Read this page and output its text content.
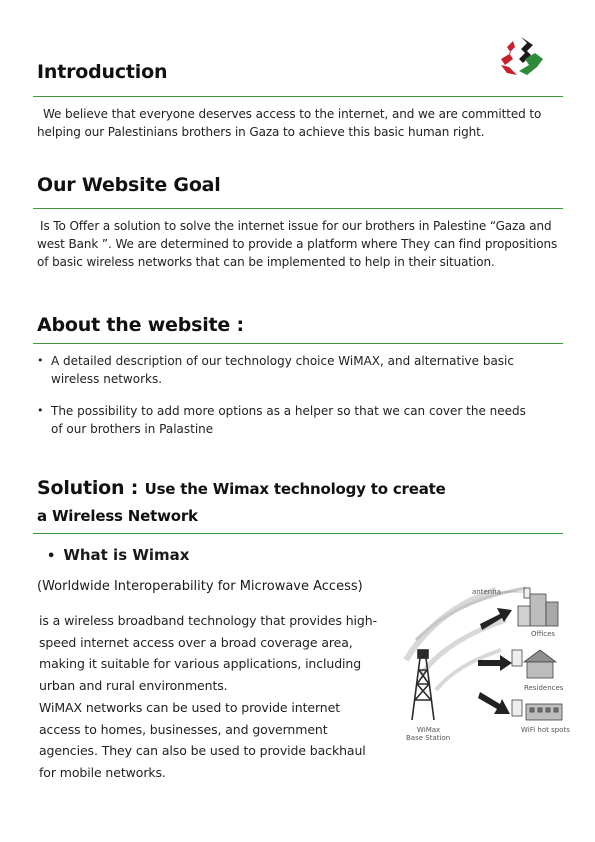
Introduction
We believe that everyone deserves access to the internet, and we are committed to helping our Palestinians brothers in Gaza to achieve this basic human right.
Our Website Goal
Is To Offer a solution to solve the internet issue for our brothers in Palestine “Gaza and west Bank ”. We are determined to provide a platform where They can find propositions of basic wireless networks that can be implemented to help in their situation.
About the website :
• A detailed description of our technology choice WiMAX, and alternative basic wireless networks.
• The possibility to add more options as a helper so that we can cover the needs of our brothers in Palastine
Solution : Use the Wimax technology to create
a Wireless Network
• What is Wimax
(Worldwide Interoperability for Microwave Access)
is a wireless broadband technology that provides high-speed internet access over a broad coverage area, making it suitable for various applications, including urban and rural environments.
WiMAX networks can be used to provide internet access to homes, businesses, and government agencies. They can also be used to provide backhaul for mobile networks.
WiMax
Base Station
antenna
Offices
Residences
WiFi hot spots
